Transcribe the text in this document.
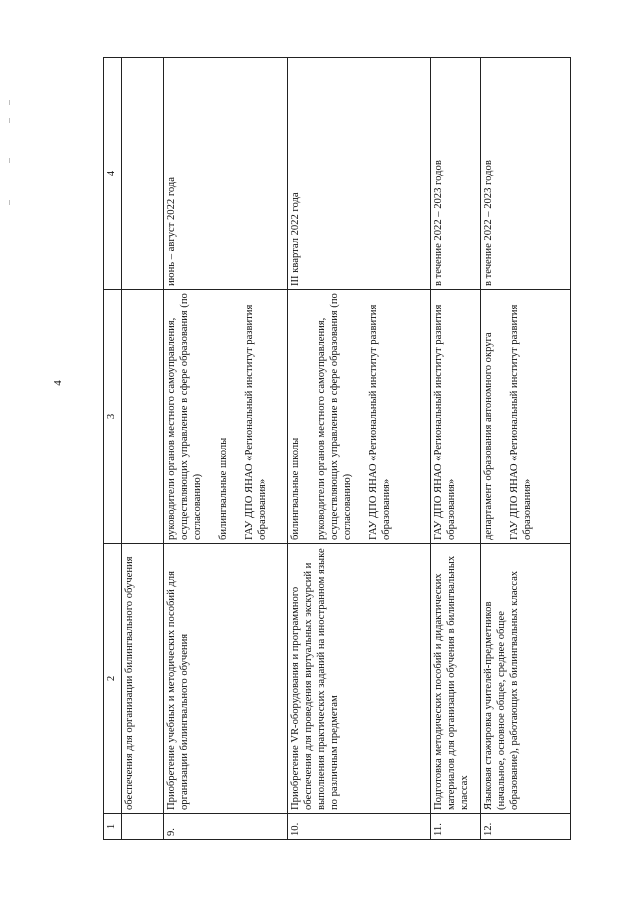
4
1	2	3	4
	обеспечения для организации билингвального обучения		
9.	Приобретение учебных и методических пособий для организации билингвального обучения	руководители органов местного самоуправления, осуществляющих управление в сфере образования (по согласованию) билингвальные школы ГАУ ДПО ЯНАО «Региональный институт развития образования»	июнь – август 2022 года
10.	Приобретение VR-оборудования и программного обеспечения для проведения виртуальных экскурсий и выполнения практических заданий на иностранном языке по различным предметам	билингвальные школы руководители органов местного самоуправления, осуществляющих управление в сфере образования (по согласованию) ГАУ ДПО ЯНАО «Региональный институт развития образования»	III квартал 2022 года
11.	Подготовка методических пособий и дидактических материалов для организации обучения в билингвальных классах	ГАУ ДПО ЯНАО «Региональный институт развития образования»	в течение 2022 – 2023 годов
12.	Языковая стажировка учителей-предметников (начальное, основное общее, среднее общее образование), работающих в билингвальных классах	департамент образования автономного округа ГАУ ДПО ЯНАО «Региональный институт развития образования»	в течение 2022 – 2023 годов
